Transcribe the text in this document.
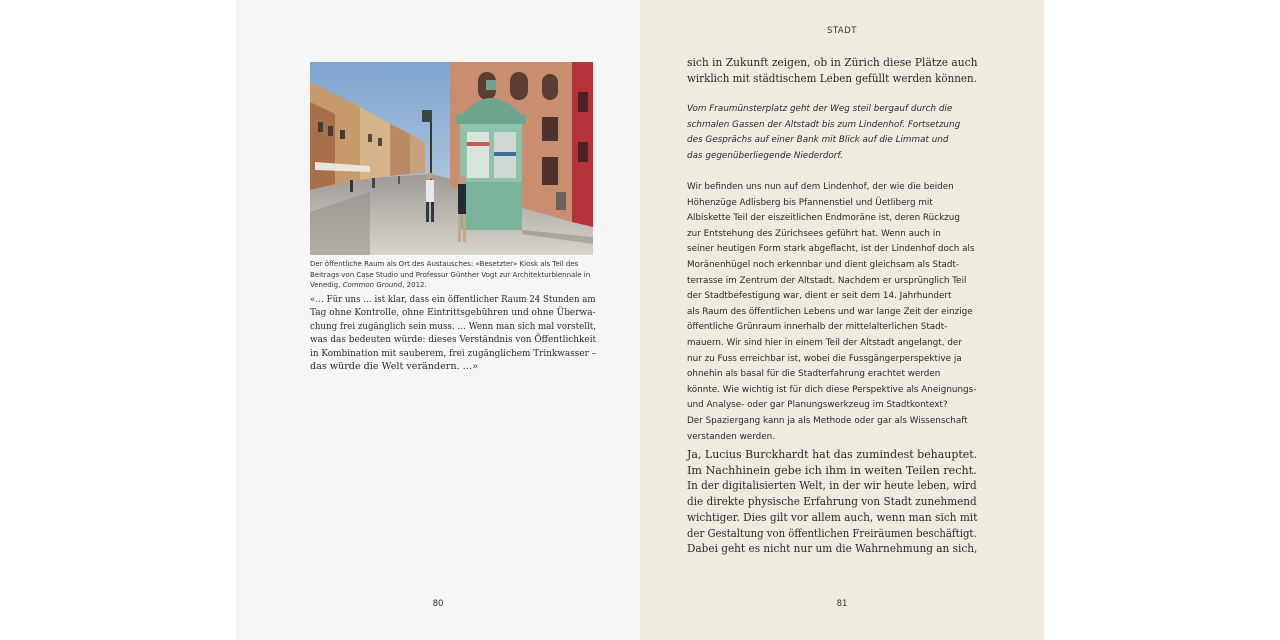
Der öffentliche Raum als Ort des Austausches: «Besetzter» Kiosk als Teil des
Beitrags von Case Studio und Professur Günther Vogt zur Architekturbiennale in
Venedig, Common Ground, 2012.
«… Für uns … ist klar, dass ein öffentlicher Raum 24 Stunden am
Tag ohne Kontrolle, ohne Eintrittsgebühren und ohne Überwa-
chung frei zugänglich sein muss. … Wenn man sich mal vorstellt,
was das bedeuten würde: dieses Verständnis von Öffentlichkeit
in Kombination mit sauberem, frei zugänglichem Trinkwasser –
das würde die Welt verändern. …»
80
STADT
sich in Zukunft zeigen, ob in Zürich diese Plätze auch
wirklich mit städtischem Leben gefüllt werden können.
Vom Fraumünsterplatz geht der Weg steil bergauf durch die
schmalen Gassen der Altstadt bis zum Lindenhof. Fortsetzung
des Gesprächs auf einer Bank mit Blick auf die Limmat und
das gegenüberliegende Niederdorf.
Wir befinden uns nun auf dem Lindenhof, der wie die beiden
Höhenzüge Adlisberg bis Pfannenstiel und Üetliberg mit
Albiskette Teil der eiszeitlichen Endmoräne ist, deren Rückzug
zur Entstehung des Zürichsees geführt hat. Wenn auch in
seiner heutigen Form stark abgeflacht, ist der Lindenhof doch als
Moränenhügel noch erkennbar und dient gleichsam als Stadt-
terrasse im Zentrum der Altstadt. Nachdem er ursprünglich Teil
der Stadtbefestigung war, dient er seit dem 14. Jahrhundert
als Raum des öffentlichen Lebens und war lange Zeit der einzige
öffentliche Grünraum innerhalb der mittelalterlichen Stadt-
mauern. Wir sind hier in einem Teil der Altstadt angelangt, der
nur zu Fuss erreichbar ist, wobei die Fussgängerperspektive ja
ohnehin als basal für die Stadterfahrung erachtet werden
könnte. Wie wichtig ist für dich diese Perspektive als Aneignungs-
und Analyse- oder gar Planungswerkzeug im Stadtkontext?
Der Spaziergang kann ja als Methode oder gar als Wissenschaft
verstanden werden.
Ja, Lucius Burckhardt hat das zumindest behauptet.
Im Nachhinein gebe ich ihm in weiten Teilen recht.
In der digitalisierten Welt, in der wir heute leben, wird
die direkte physische Erfahrung von Stadt zunehmend
wichtiger. Dies gilt vor allem auch, wenn man sich mit
der Gestaltung von öffentlichen Freiräumen beschäftigt.
Dabei geht es nicht nur um die Wahrnehmung an sich,
81
